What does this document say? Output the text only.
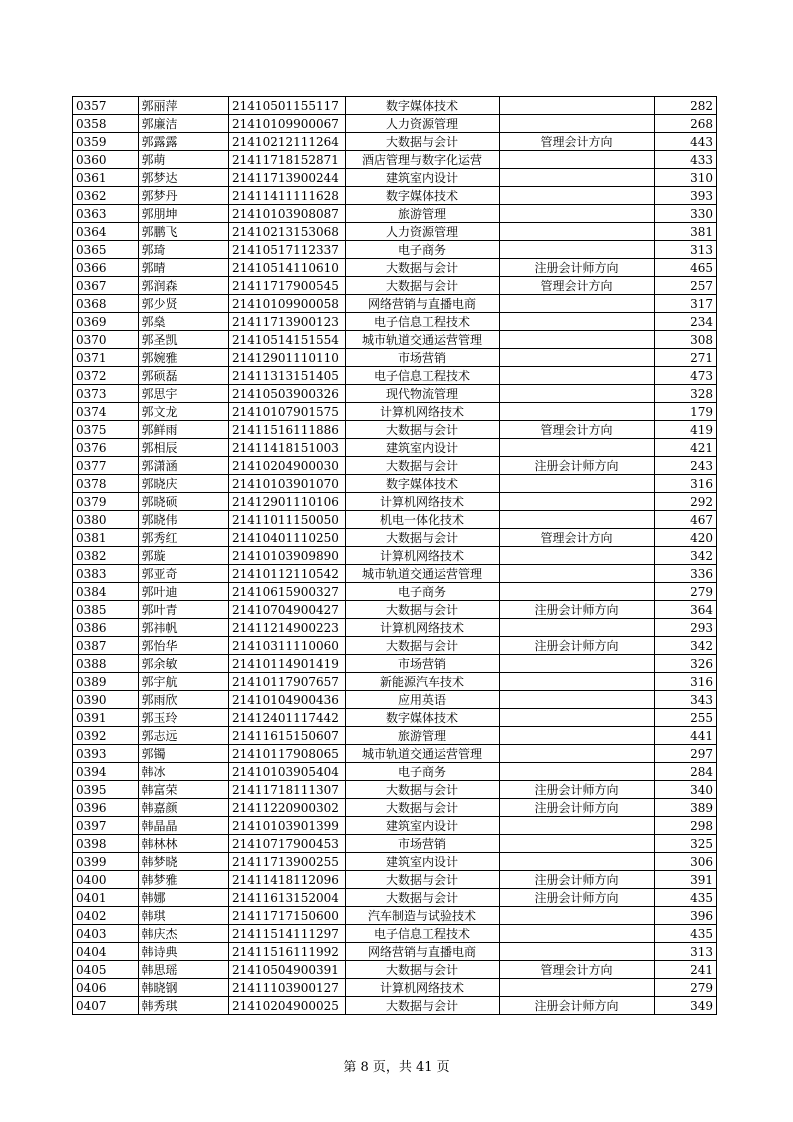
0357	郭丽萍	21410501155117	数字媒体技术		282
0358	郭廉洁	21410109900067	人力资源管理		268
0359	郭露露	21410212111264	大数据与会计	管理会计方向	443
0360	郭萌	21411718152871	酒店管理与数字化运营		433
0361	郭梦达	21411713900244	建筑室内设计		310
0362	郭梦丹	21411411111628	数字媒体技术		393
0363	郭朋坤	21410103908087	旅游管理		330
0364	郭鹏飞	21410213153068	人力资源管理		381
0365	郭琦	21410517112337	电子商务		313
0366	郭晴	21410514110610	大数据与会计	注册会计师方向	465
0367	郭润森	21411717900545	大数据与会计	管理会计方向	257
0368	郭少贤	21410109900058	网络营销与直播电商		317
0369	郭燊	21411713900123	电子信息工程技术		234
0370	郭圣凯	21410514151554	城市轨道交通运营管理		308
0371	郭婉雅	21412901110110	市场营销		271
0372	郭硕磊	21411313151405	电子信息工程技术		473
0373	郭思宇	21410503900326	现代物流管理		328
0374	郭文龙	21410107901575	计算机网络技术		179
0375	郭鲜雨	21411516111886	大数据与会计	管理会计方向	419
0376	郭相辰	21411418151003	建筑室内设计		421
0377	郭潇涵	21410204900030	大数据与会计	注册会计师方向	243
0378	郭晓庆	21410103901070	数字媒体技术		316
0379	郭晓硕	21412901110106	计算机网络技术		292
0380	郭晓伟	21411011150050	机电一体化技术		467
0381	郭秀红	21410401110250	大数据与会计	管理会计方向	420
0382	郭璇	21410103909890	计算机网络技术		342
0383	郭亚奇	21410112110542	城市轨道交通运营管理		336
0384	郭叶迪	21410615900327	电子商务		279
0385	郭叶青	21410704900427	大数据与会计	注册会计师方向	364
0386	郭祎帆	21411214900223	计算机网络技术		293
0387	郭怡华	21410311110060	大数据与会计	注册会计师方向	342
0388	郭余敏	21410114901419	市场营销		326
0389	郭宇航	21410117907657	新能源汽车技术		316
0390	郭雨欣	21410104900436	应用英语		343
0391	郭玉玲	21412401117442	数字媒体技术		255
0392	郭志远	21411615150607	旅游管理		441
0393	郭镯	21410117908065	城市轨道交通运营管理		297
0394	韩冰	21410103905404	电子商务		284
0395	韩富荣	21411718111307	大数据与会计	注册会计师方向	340
0396	韩嘉颜	21411220900302	大数据与会计	注册会计师方向	389
0397	韩晶晶	21410103901399	建筑室内设计		298
0398	韩林林	21410717900453	市场营销		325
0399	韩梦晓	21411713900255	建筑室内设计		306
0400	韩梦雅	21411418112096	大数据与会计	注册会计师方向	391
0401	韩娜	21411613152004	大数据与会计	注册会计师方向	435
0402	韩琪	21411717150600	汽车制造与试验技术		396
0403	韩庆杰	21411514111297	电子信息工程技术		435
0404	韩诗典	21411516111992	网络营销与直播电商		313
0405	韩思瑶	21410504900391	大数据与会计	管理会计方向	241
0406	韩晓钢	21411103900127	计算机网络技术		279
0407	韩秀琪	21410204900025	大数据与会计	注册会计师方向	349
第 8 页，共 41 页
